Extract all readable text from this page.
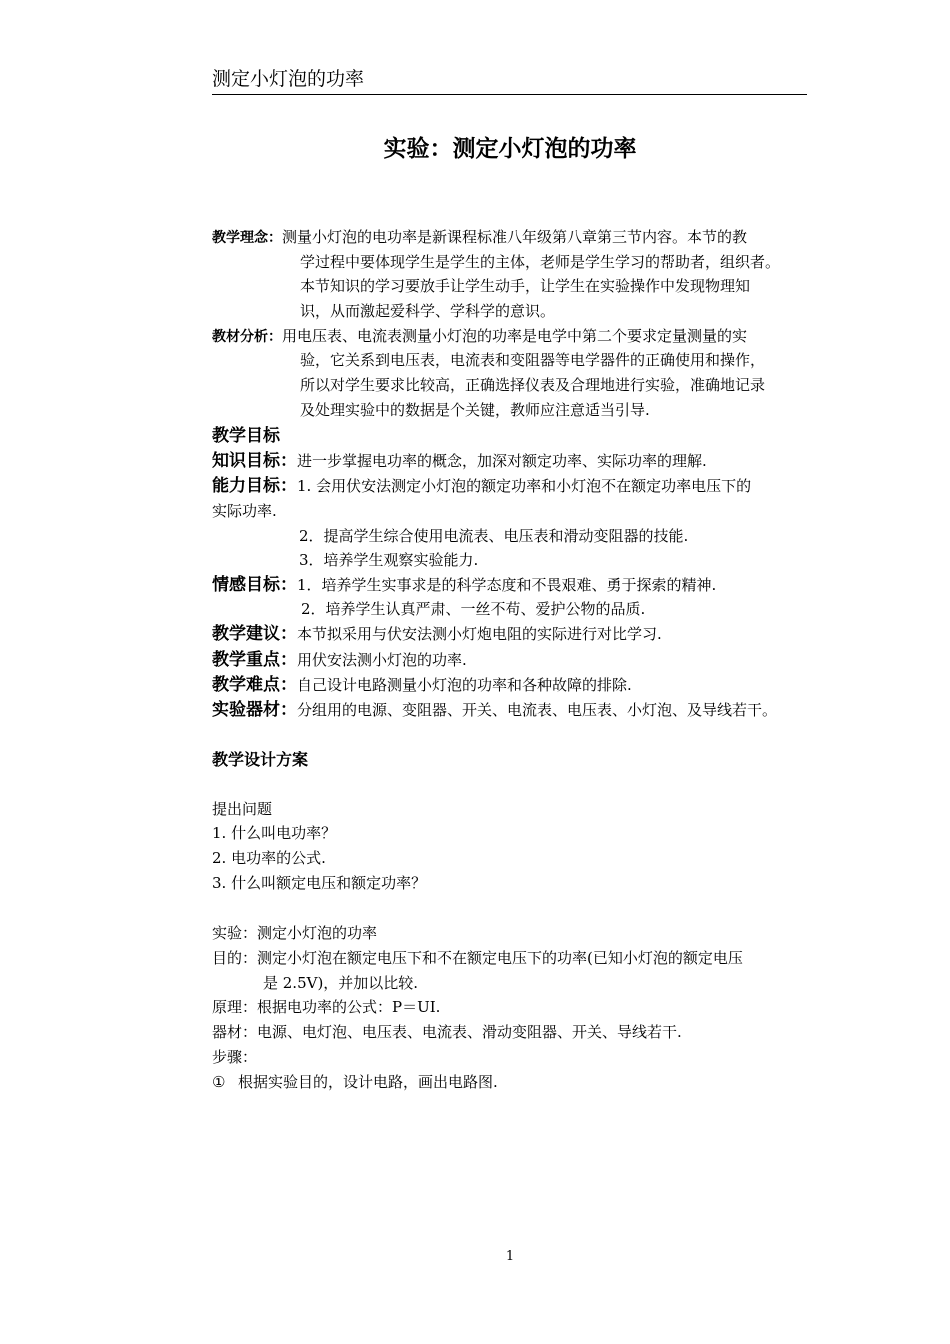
测定小灯泡的功率
实验：测定小灯泡的功率
教学理念：测量小灯泡的电功率是新课程标准八年级第八章第三节内容。本节的教
学过程中要体现学生是学生的主体，老师是学生学习的帮助者，组织者。
本节知识的学习要放手让学生动手，让学生在实验操作中发现物理知
识，从而激起爱科学、学科学的意识。
教材分析：用电压表、电流表测量小灯泡的功率是电学中第二个要求定量测量的实
验，它关系到电压表，电流表和变阻器等电学器件的正确使用和操作，
所以对学生要求比较高，正确选择仪表及合理地进行实验，准确地记录
及处理实验中的数据是个关键，教师应注意适当引导.
教学目标
知识目标：进一步掌握电功率的概念，加深对额定功率、实际功率的理解.
能力目标：1. 会用伏安法测定小灯泡的额定功率和小灯泡不在额定功率电压下的
实际功率.
2．提高学生综合使用电流表、电压表和滑动变阻器的技能.
3．培养学生观察实验能力.
情感目标：1．培养学生实事求是的科学态度和不畏艰难、勇于探索的精神.
2．培养学生认真严肃、一丝不苟、爱护公物的品质.
教学建议：本节拟采用与伏安法测小灯炮电阻的实际进行对比学习.
教学重点：用伏安法测小灯泡的功率.
教学难点：自己设计电路测量小灯泡的功率和各种故障的排除.
实验器材：分组用的电源、变阻器、开关、电流表、电压表、小灯泡、及导线若干。
教学设计方案
提出问题
1. 什么叫电功率？
2. 电功率的公式.
3. 什么叫额定电压和额定功率？
实验：测定小灯泡的功率
目的：测定小灯泡在额定电压下和不在额定电压下的功率(已知小灯泡的额定电压
是 2.5V)，并加以比较.
原理：根据电功率的公式：P＝UI.
器材：电源、电灯泡、电压表、电流表、滑动变阻器、开关、导线若干.
步骤：
① 根据实验目的，设计电路，画出电路图.
1
